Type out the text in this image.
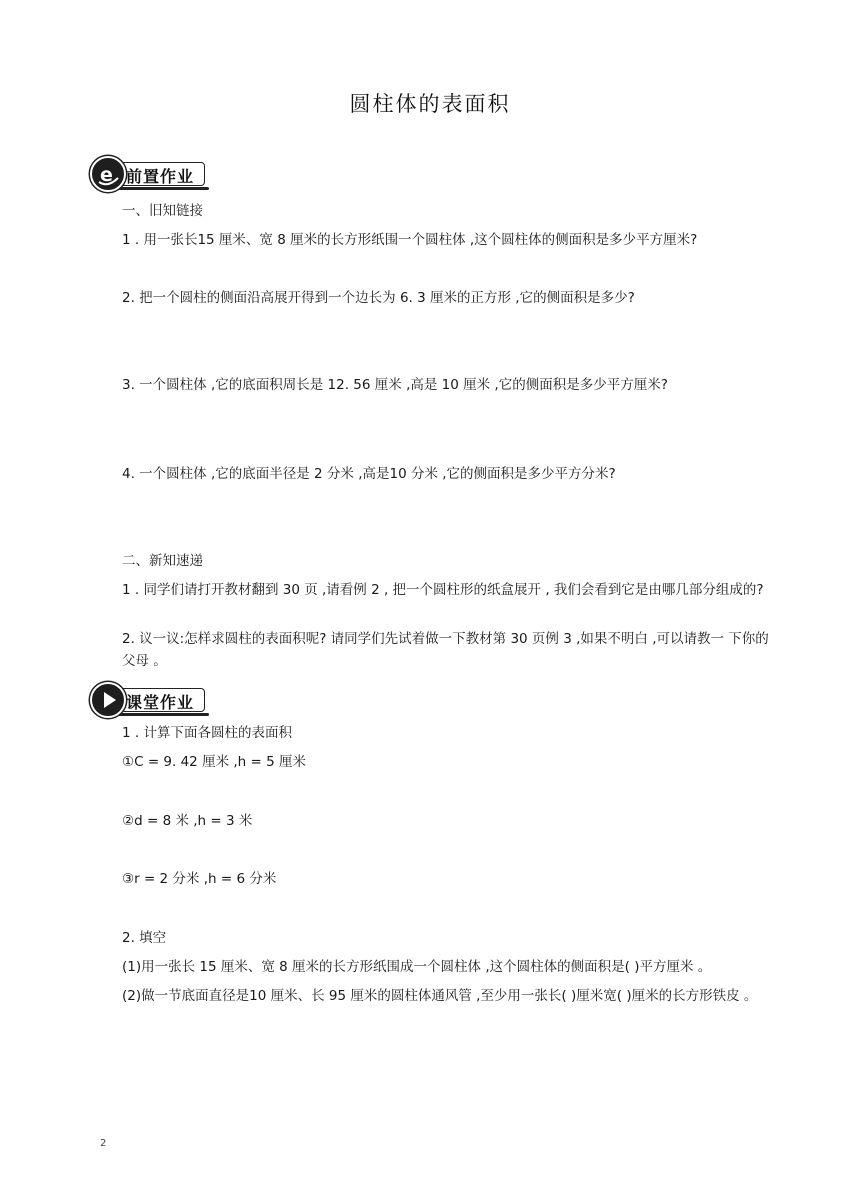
圆柱体的表面积
e 前置作业
一、旧知链接
1 . 用一张长15 厘米、宽 8 厘米的长方形纸围一个圆柱体 ,这个圆柱体的侧面积是多少平方厘米?
2. 把一个圆柱的侧面沿高展开得到一个边长为 6. 3 厘米的正方形 ,它的侧面积是多少?
3. 一个圆柱体 ,它的底面积周长是 12. 56 厘米 ,高是 10 厘米 ,它的侧面积是多少平方厘米?
4. 一个圆柱体 ,它的底面半径是 2 分米 ,高是10 分米 ,它的侧面积是多少平方分米?
二、新知速递
1 . 同学们请打开教材翻到 30 页 ,请看例 2 , 把一个圆柱形的纸盒展开 , 我们会看到它是由哪几部分组成的?
2. 议一议:怎样求圆柱的表面积呢? 请同学们先试着做一下教材第 30 页例 3 ,如果不明白 ,可以请教一 下你的父母 。
课堂作业
1 . 计算下面各圆柱的表面积
①C = 9. 42 厘米 ,h = 5 厘米
②d = 8 米 ,h = 3 米
③r = 2 分米 ,h = 6 分米
2. 填空
(1)用一张长 15 厘米、宽 8 厘米的长方形纸围成一个圆柱体 ,这个圆柱体的侧面积是( )平方厘米 。
(2)做一节底面直径是10 厘米、长 95 厘米的圆柱体通风管 ,至少用一张长( )厘米宽( )厘米的长方形铁皮 。
2
